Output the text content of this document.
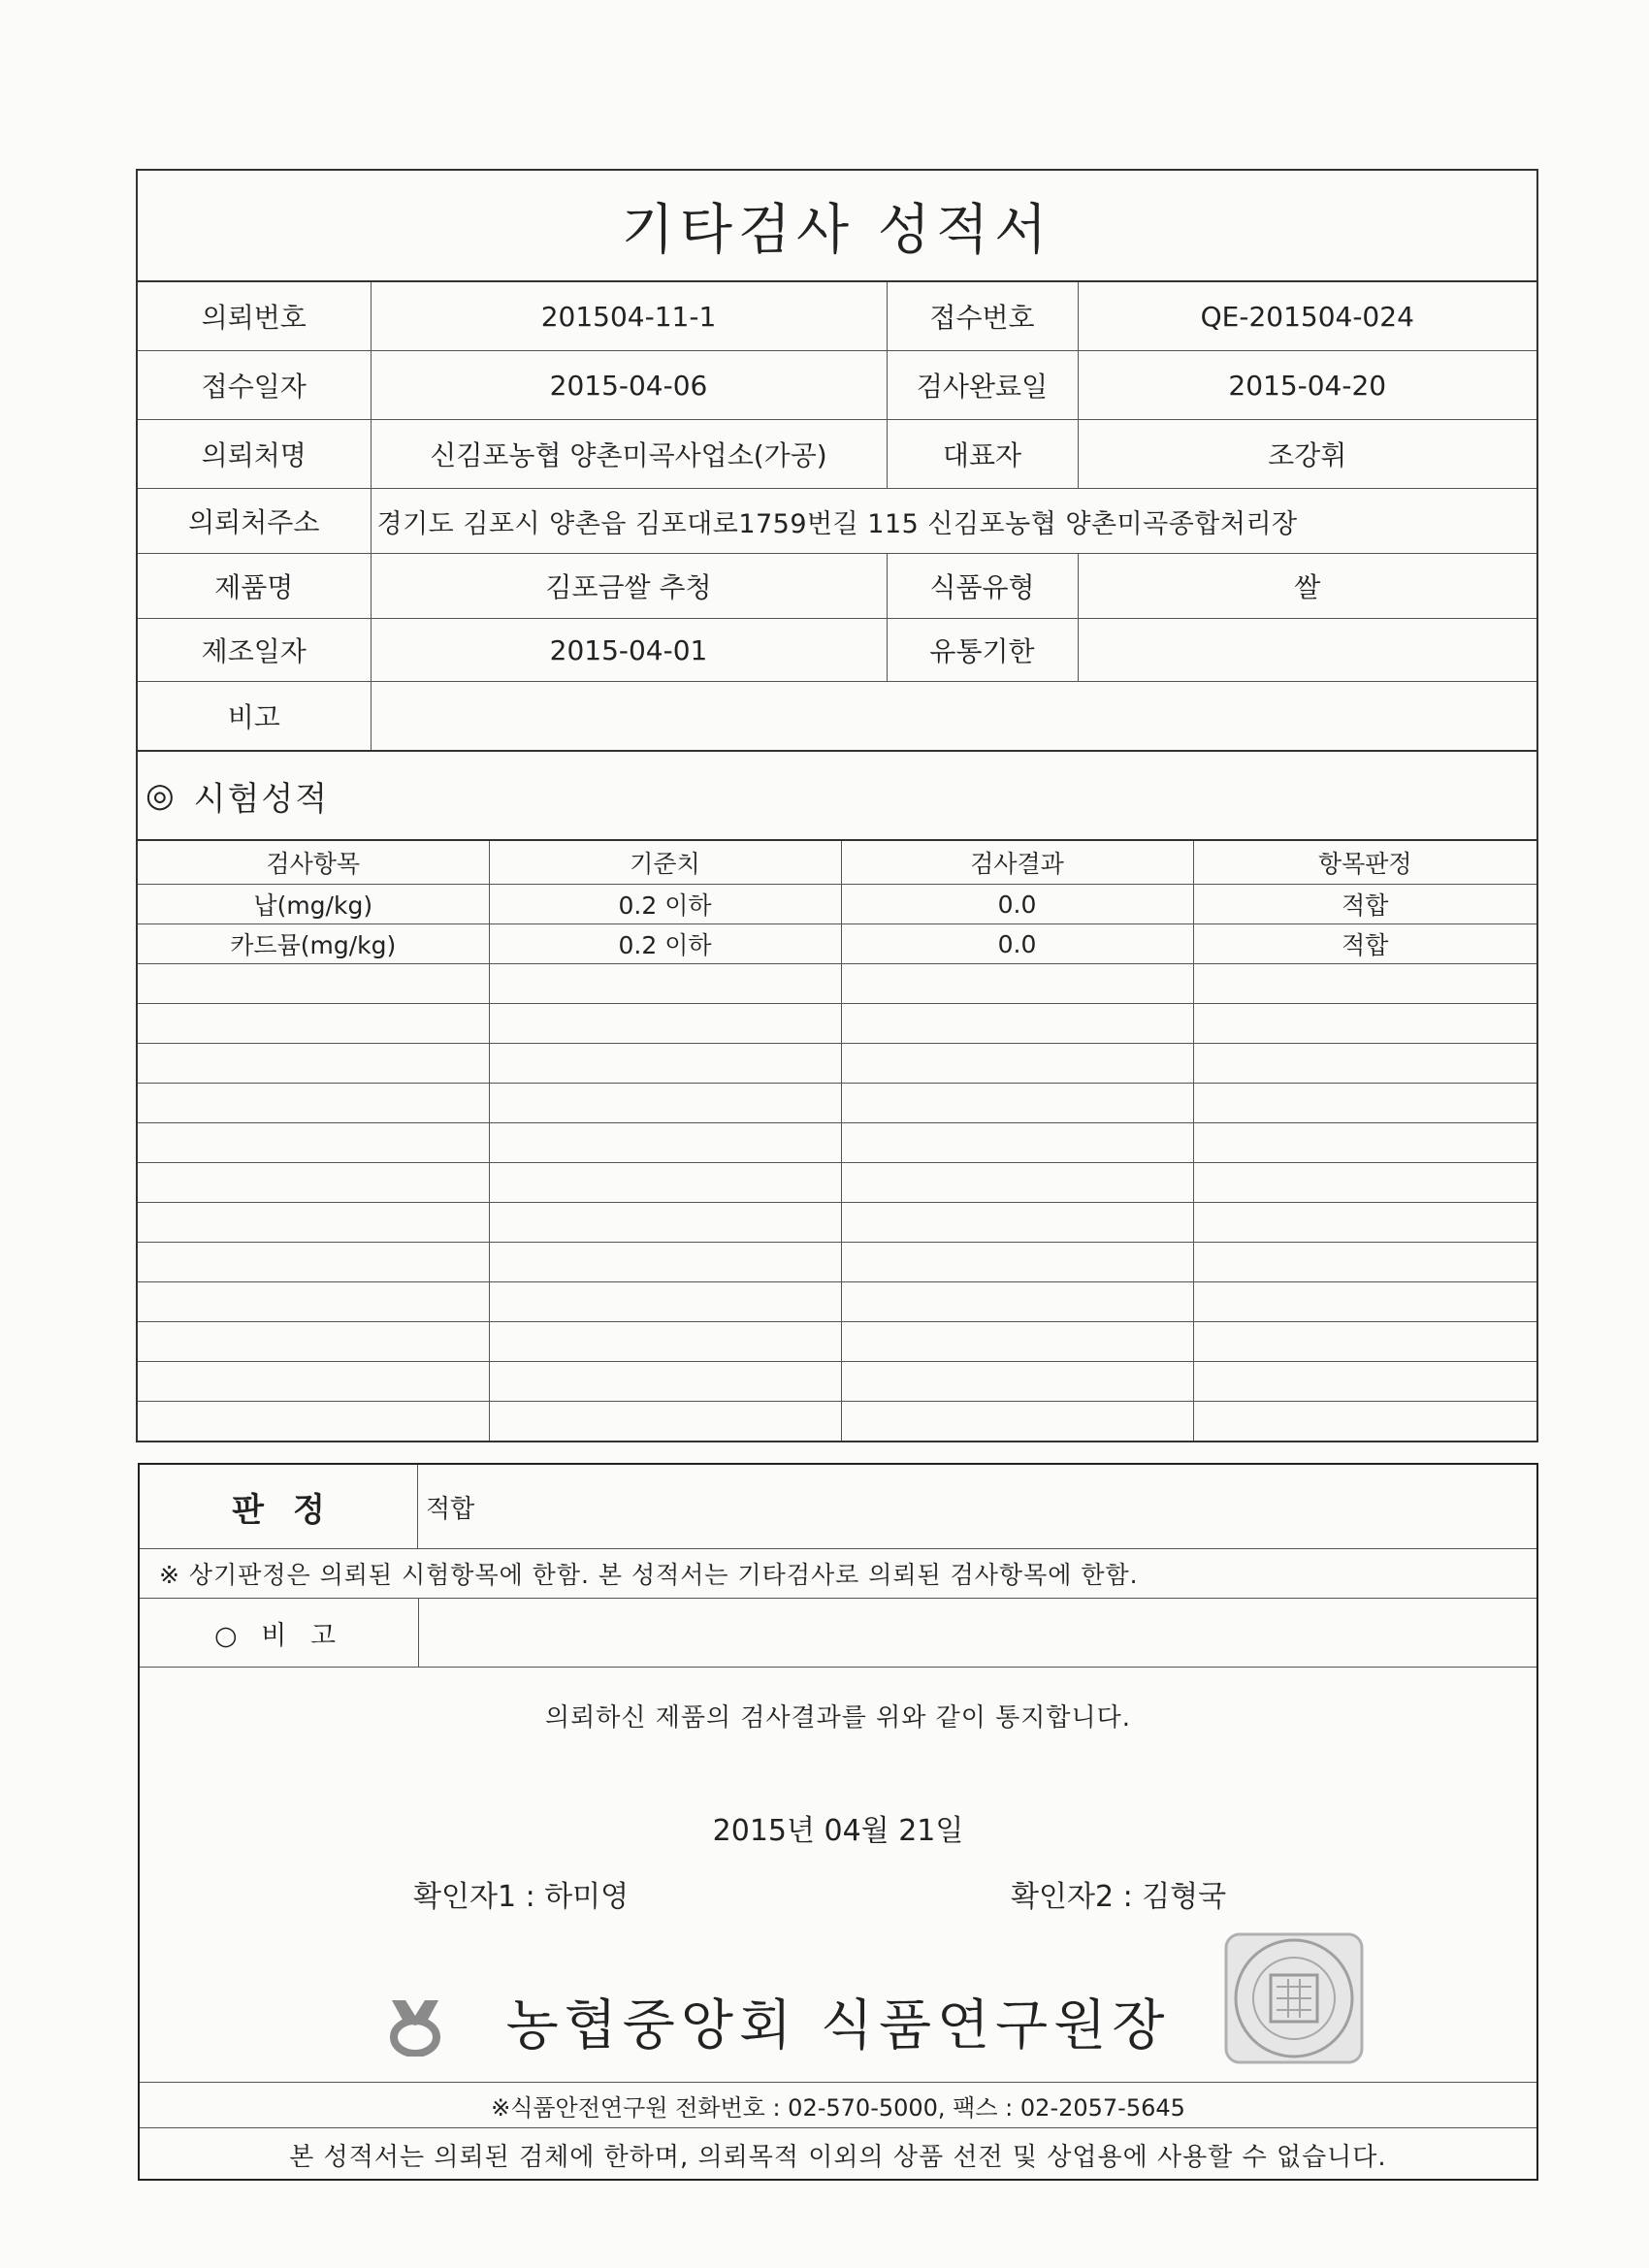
기타검사 성적서
의뢰번호	201504-11-1	접수번호	QE-201504-024
접수일자	2015-04-06	검사완료일	2015-04-20
의뢰처명	신김포농협 양촌미곡사업소(가공)	대표자	조강휘
의뢰처주소	경기도 김포시 양촌읍 김포대로1759번길 115 신김포농협 양촌미곡종합처리장		
제품명	김포금쌀 추청	식품유형	쌀
제조일자	2015-04-01	유통기한	
비고			
◎ 시험성적
검사항목	기준치	검사결과	항목판정
납(mg/kg)	0.2 이하	0.0	적합
카드뮴(mg/kg)	0.2 이하	0.0	적합

판정	적합
※ 상기판정은 의뢰된 시험항목에 한함. 본 성적서는 기타검사로 의뢰된 검사항목에 한함.
○ 비 고
의뢰하신 제품의 검사결과를 위와 같이 통지합니다.
2015년 04월 21일
확인자1 : 하미영	확인자2 : 김형국
농협중앙회 식품연구원장
※식품안전연구원 전화번호 : 02-570-5000, 팩스 : 02-2057-5645
본 성적서는 의뢰된 검체에 한하며, 의뢰목적 이외의 상품 선전 및 상업용에 사용할 수 없습니다.
